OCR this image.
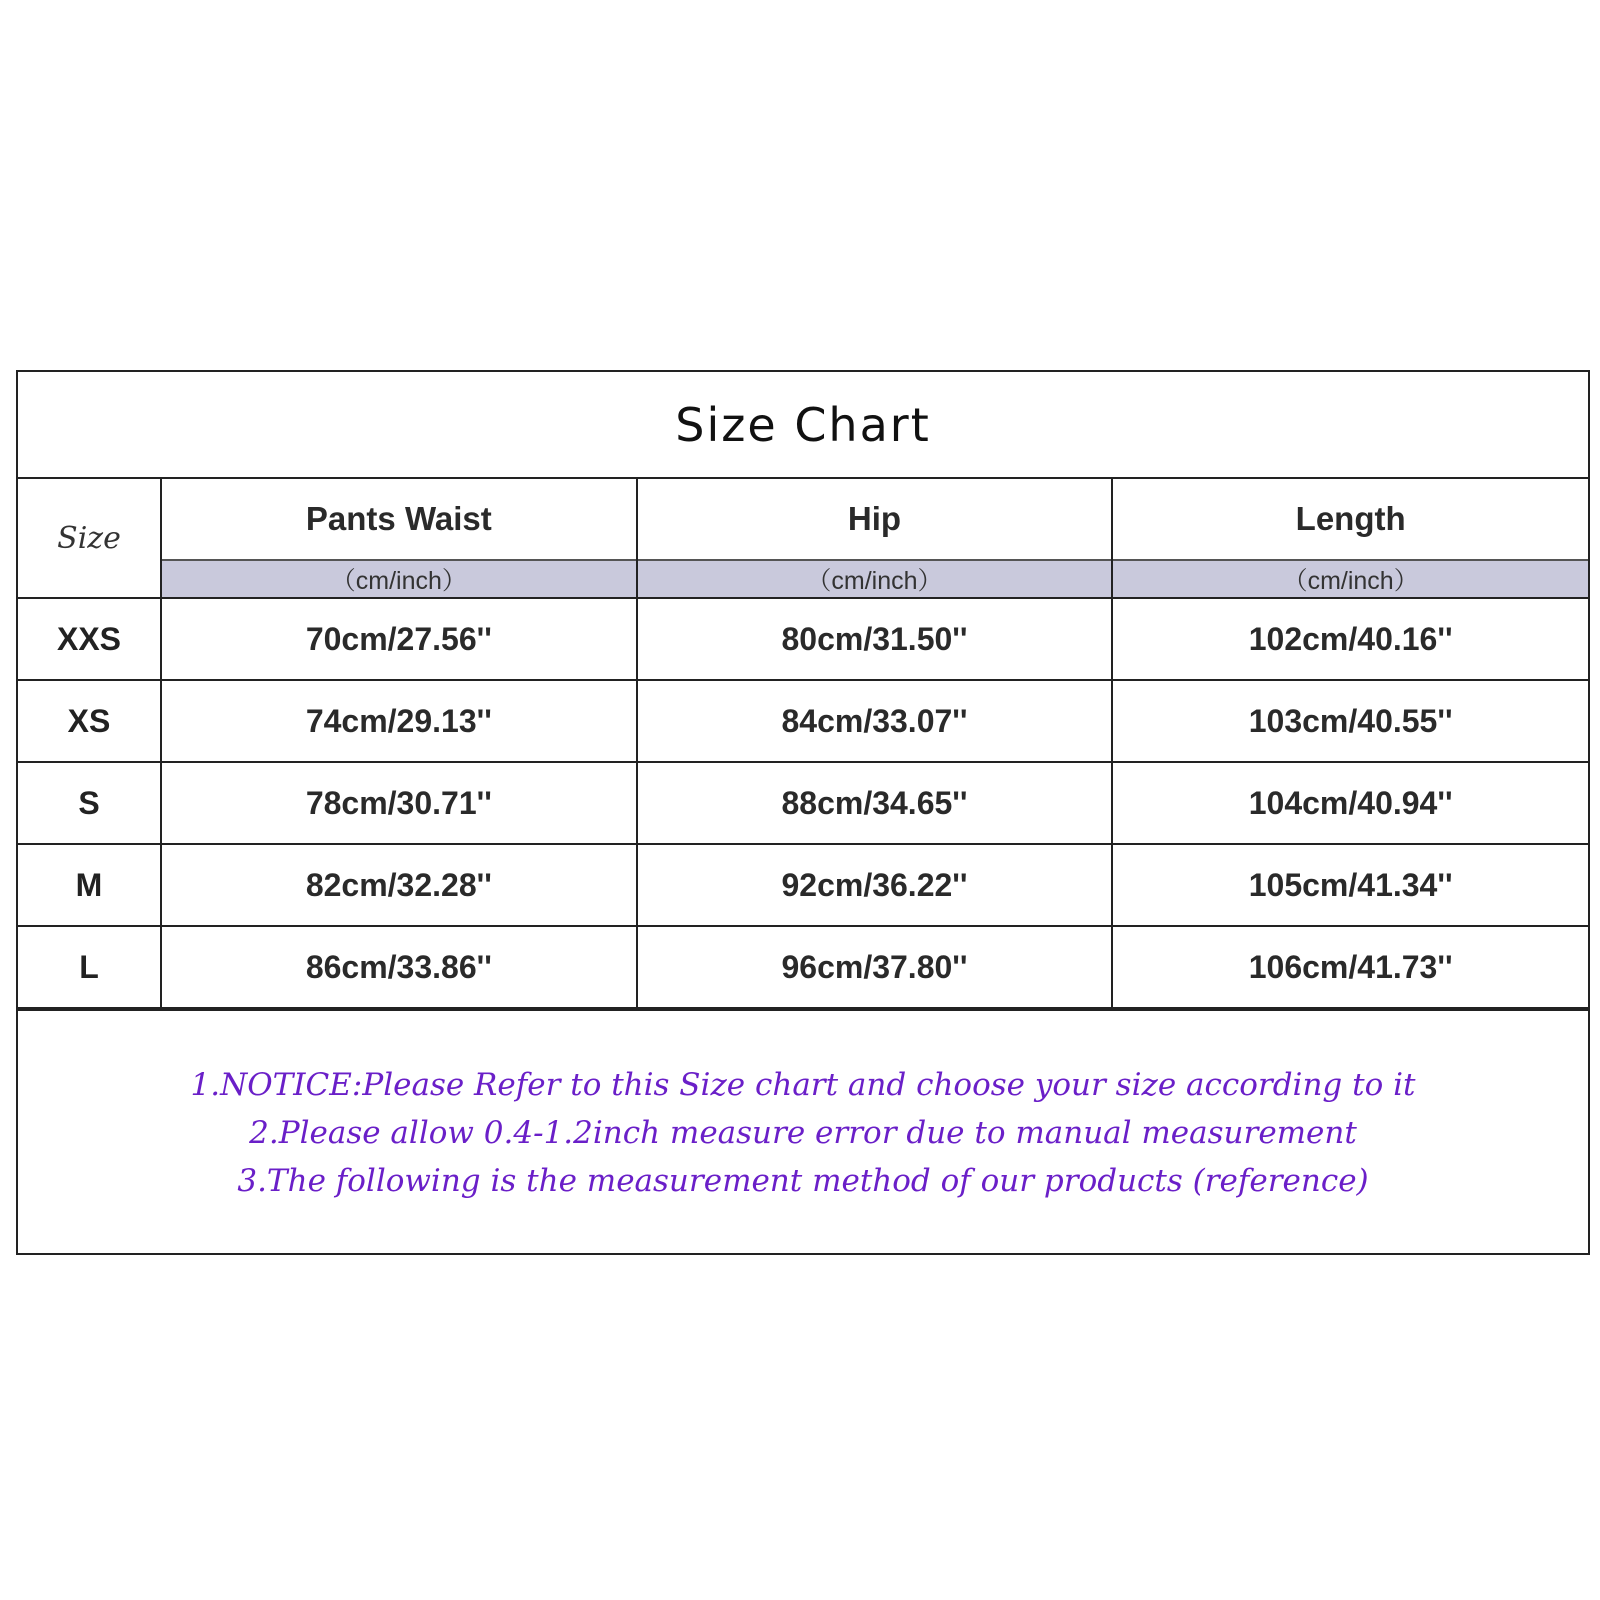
Size Chart
Size	Pants Waist	Hip	Length
	（cm/inch）	（cm/inch）	（cm/inch）
XXS	70cm/27.56''	80cm/31.50''	102cm/40.16''
XS	74cm/29.13''	84cm/33.07''	103cm/40.55''
S	78cm/30.71''	88cm/34.65''	104cm/40.94''
M	82cm/32.28''	92cm/36.22''	105cm/41.34''
L	86cm/33.86''	96cm/37.80''	106cm/41.73''
1.NOTICE:Please Refer to this Size chart and choose your size according to it
2.Please allow 0.4-1.2inch measure error due to manual measurement
3.The following is the measurement method of our products (reference)
